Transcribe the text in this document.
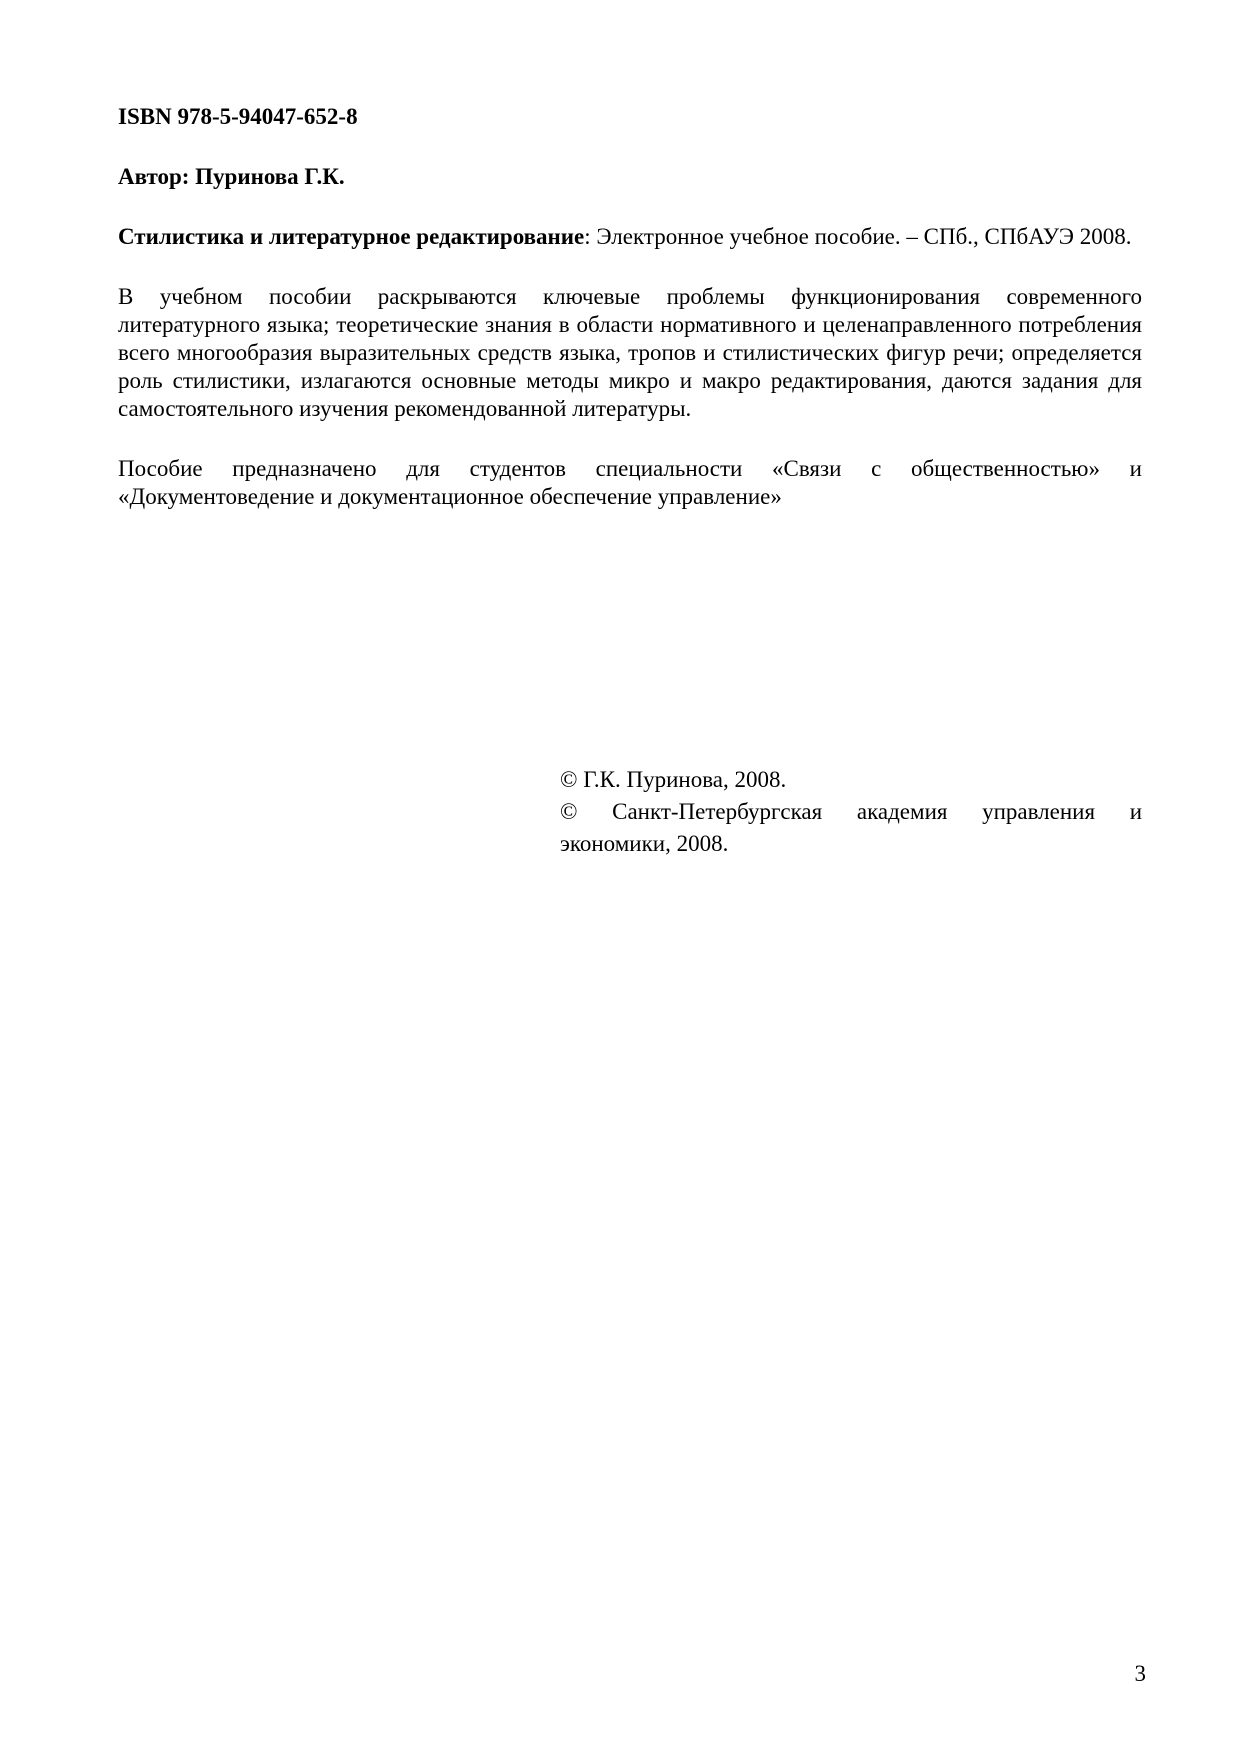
ISBN 978-5-94047-652-8

Автор: Пуринова Г.К.

Стилистика и литературное редактирование: Электронное учебное пособие. – СПб., СПбАУЭ 2008.

В учебном пособии раскрываются ключевые проблемы функционирования современного литературного языка; теоретические знания в области нормативного и целенаправленного потребления всего многообразия выразительных средств языка, тропов и стилистических фигур речи; определяется роль стилистики, излагаются основные методы микро и макро редактирования, даются задания для самостоятельного изучения рекомендованной литературы.

Пособие предназначено для студентов специальности «Связи с общественностью» и «Документоведение и документационное обеспечение управление»

© Г.К. Пуринова, 2008.

© Санкт-Петербургская академия управления и экономики, 2008.

3
